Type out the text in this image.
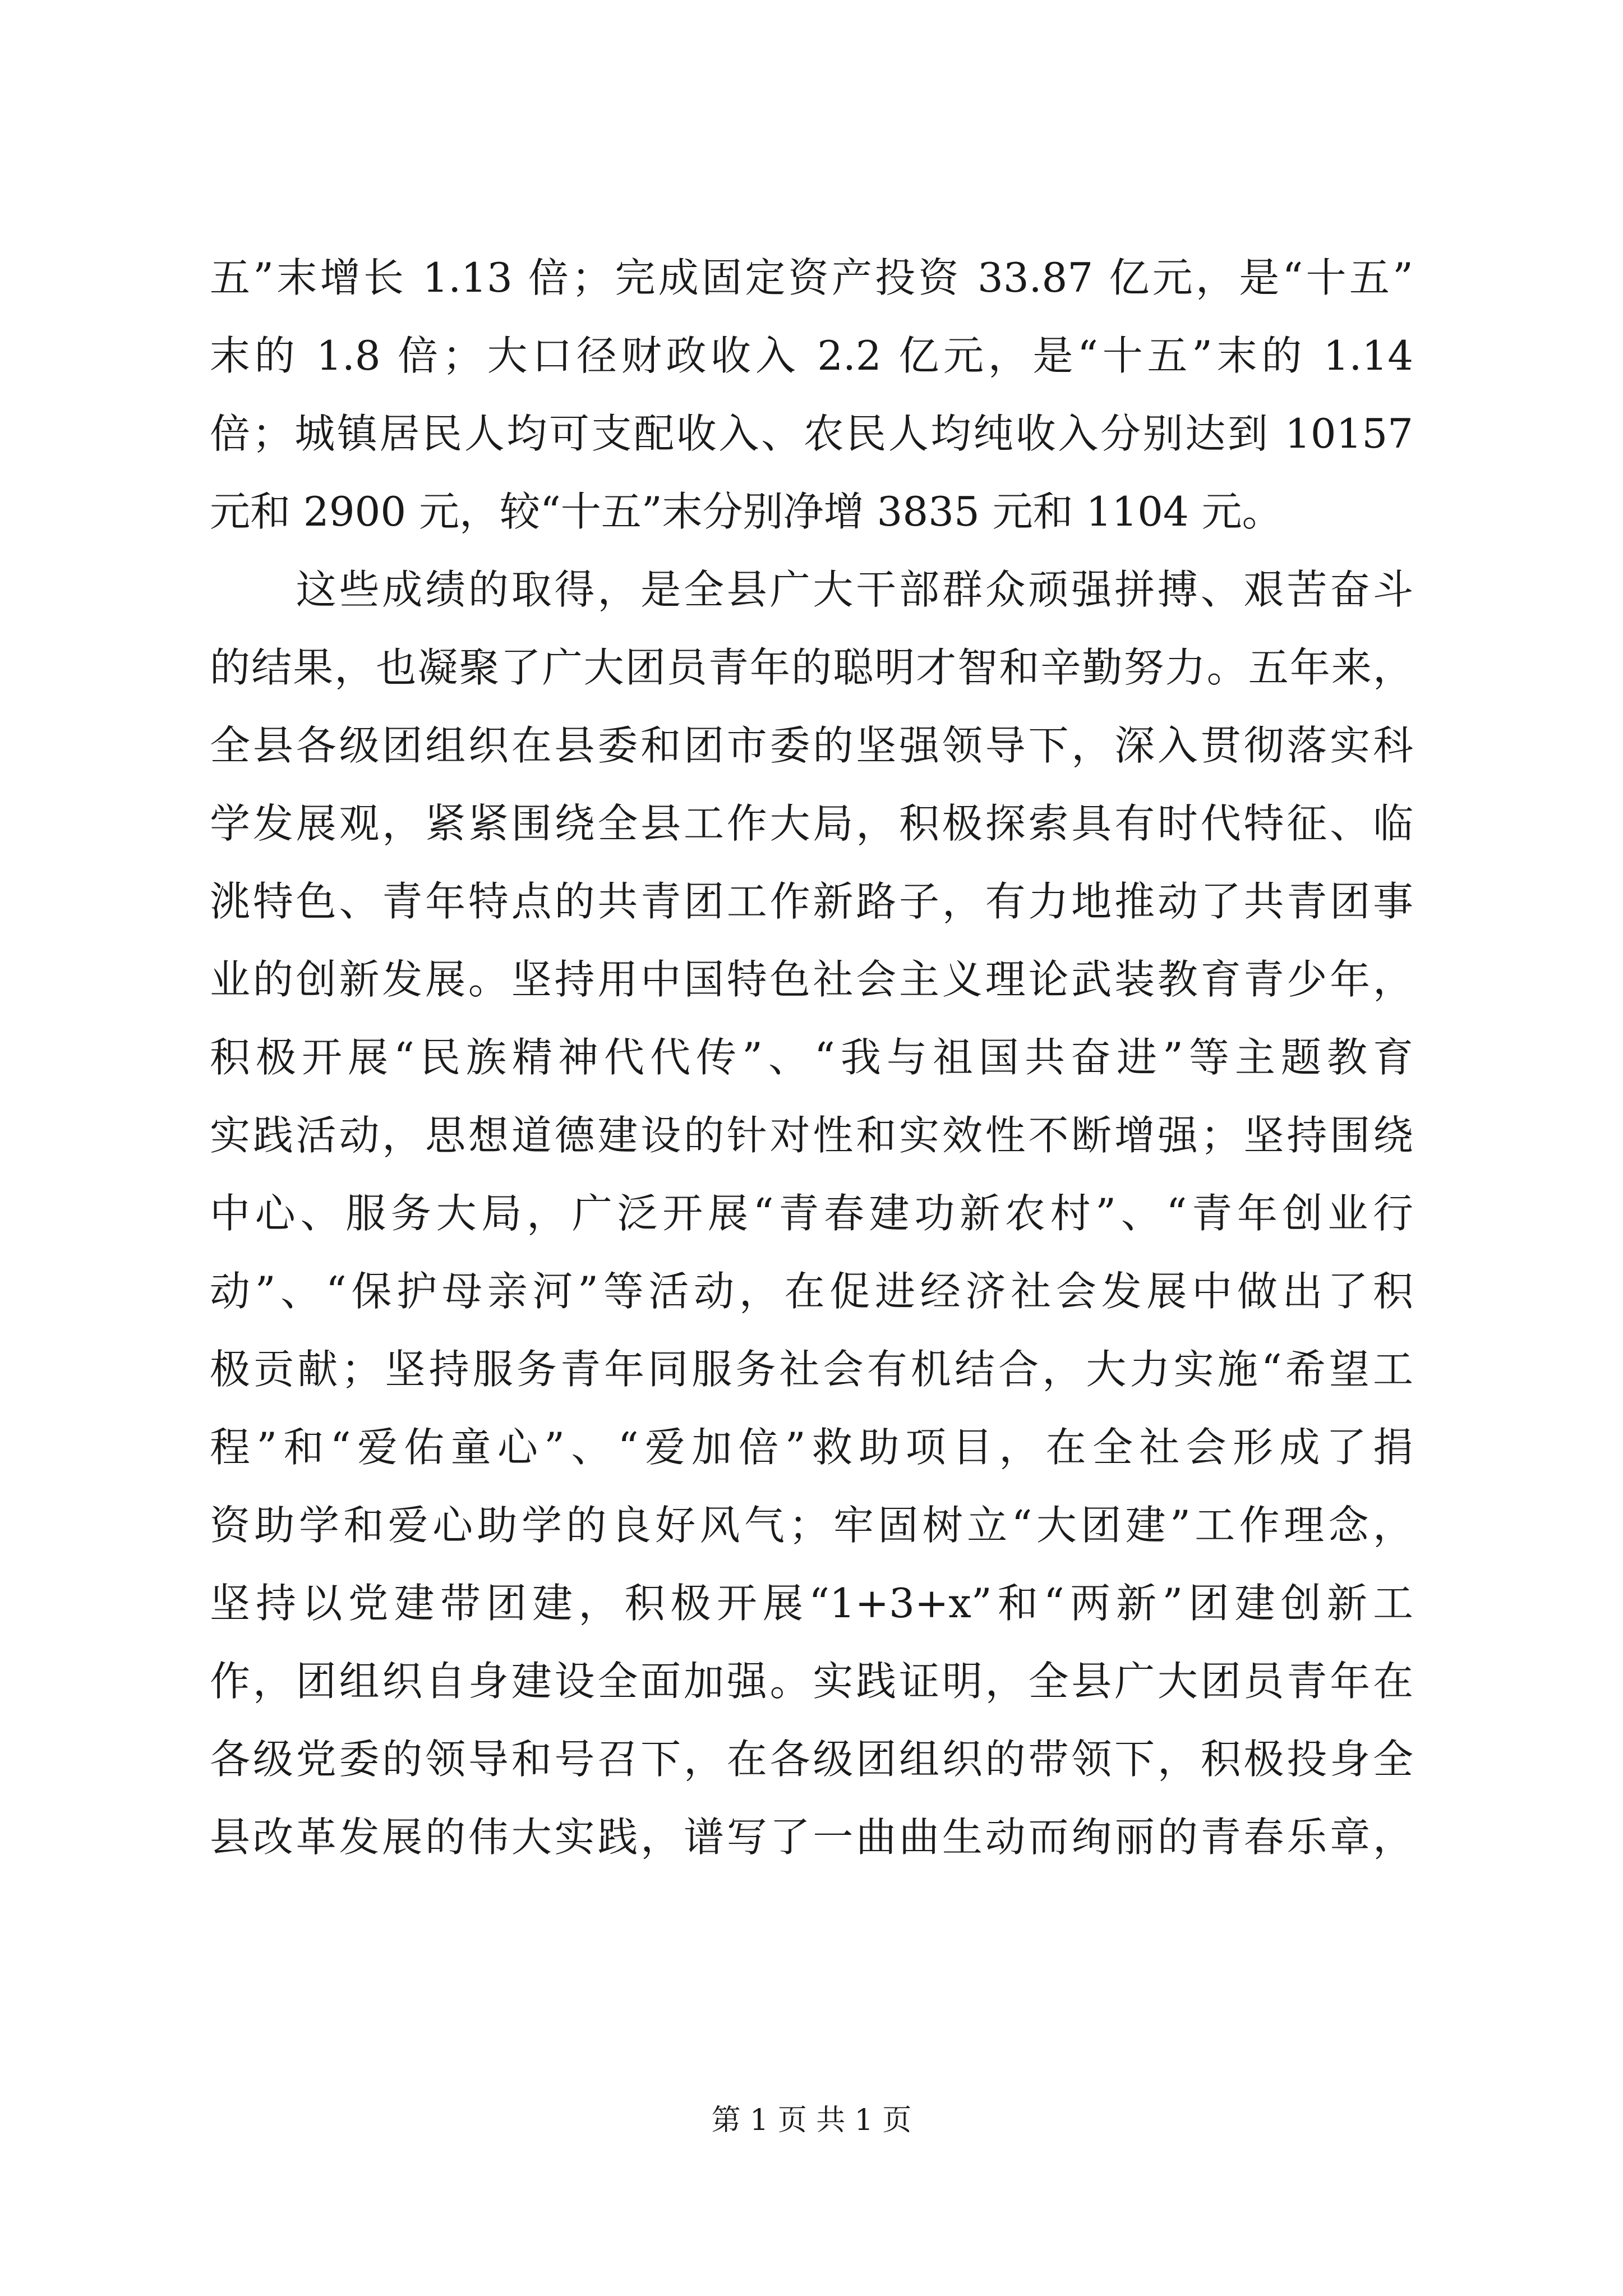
五”末增长 1.13 倍；完成固定资产投资 33.87 亿元，是“十五”
末的 1.8 倍；大口径财政收入 2.2 亿元，是“十五”末的 1.14
倍；城镇居民人均可支配收入、农民人均纯收入分别达到 10157
元和 2900 元，较“十五”末分别净增 3835 元和 1104 元。
　　这些成绩的取得，是全县广大干部群众顽强拼搏、艰苦奋斗
的结果，也凝聚了广大团员青年的聪明才智和辛勤努力。五年来，
全县各级团组织在县委和团市委的坚强领导下，深入贯彻落实科
学发展观，紧紧围绕全县工作大局，积极探索具有时代特征、临
洮特色、青年特点的共青团工作新路子，有力地推动了共青团事
业的创新发展。坚持用中国特色社会主义理论武装教育青少年，
积极开展“民族精神代代传”、“我与祖国共奋进”等主题教育
实践活动，思想道德建设的针对性和实效性不断增强；坚持围绕
中心、服务大局，广泛开展“青春建功新农村”、“青年创业行
动”、“保护母亲河”等活动，在促进经济社会发展中做出了积
极贡献；坚持服务青年同服务社会有机结合，大力实施“希望工
程”和“爱佑童心”、“爱加倍”救助项目，在全社会形成了捐
资助学和爱心助学的良好风气；牢固树立“大团建”工作理念，
坚持以党建带团建，积极开展“1+3+x”和“两新”团建创新工
作，团组织自身建设全面加强。实践证明，全县广大团员青年在
各级党委的领导和号召下，在各级团组织的带领下，积极投身全
县改革发展的伟大实践，谱写了一曲曲生动而绚丽的青春乐章，
第 1 页 共 1 页
